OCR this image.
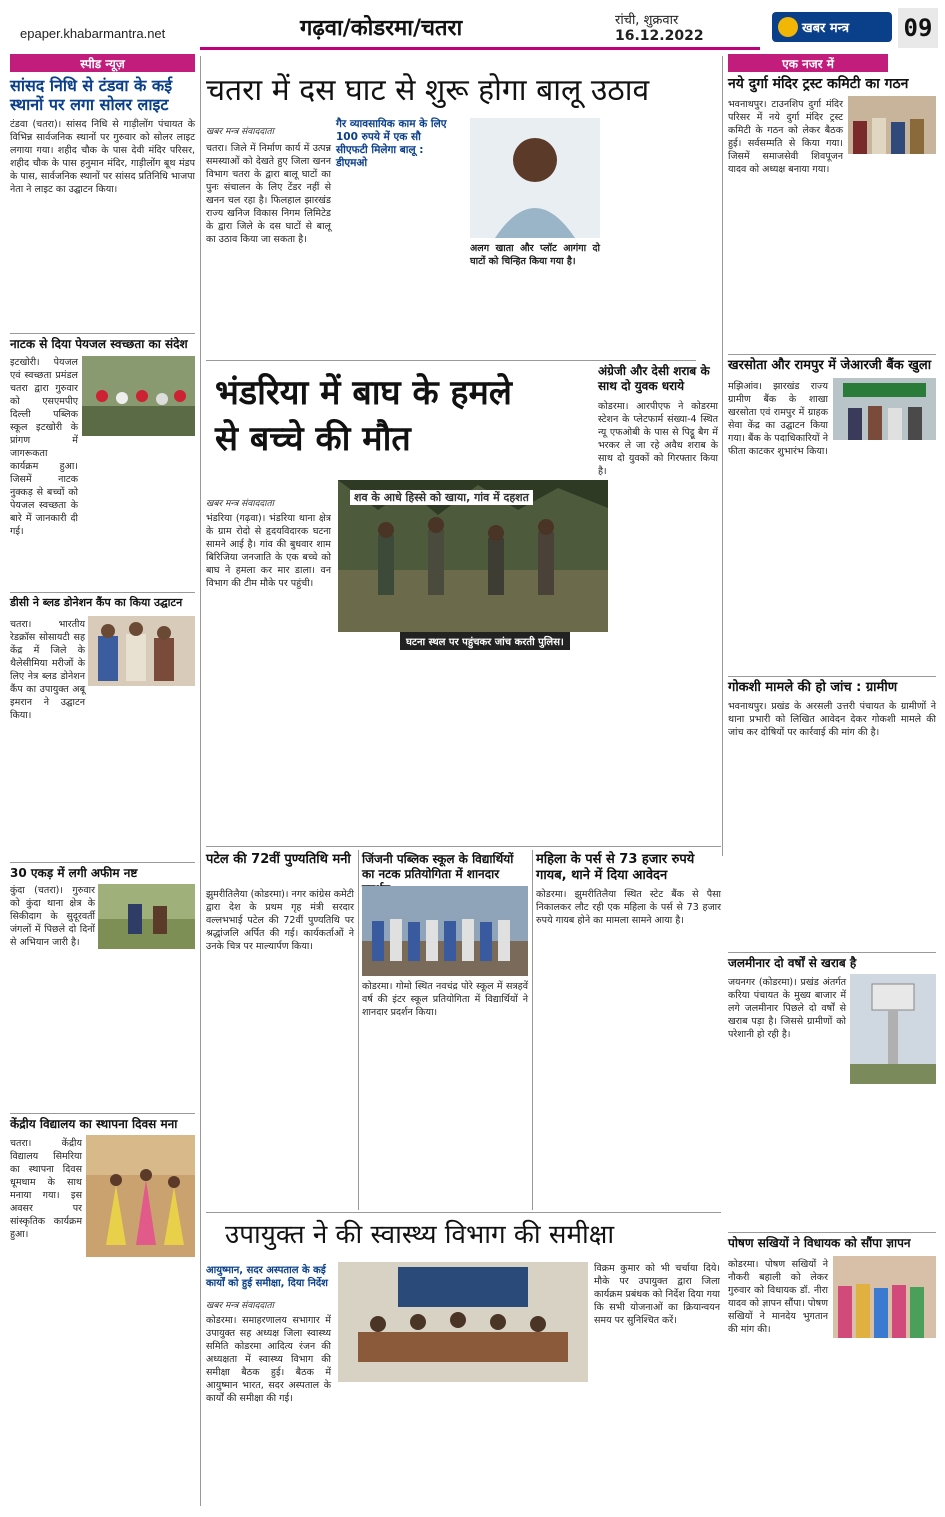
epaper.khabarmantra.net	गढ़वा/कोडरमा/चतरा	रांची, शुक्रवार
16.12.2022	खबर मन्त्र 09
स्पीड न्यूज़
सांसद निधि से टंडवा के कई स्थानों पर लगा सोलर लाइट
टंडवा (चतरा)। सांसद निधि से गाड़ीलोंग पंचायत के विभिन्न सार्वजनिक स्थानों पर गुरुवार को सोलर लाइट लगाया गया। शहीद चौक के पास देवी मंदिर परिसर, शहीद चौक के पास हनुमान मंदिर, गाड़ीलोंग बूथ मंडप के पास, सार्वजनिक स्थानों पर सांसद प्रतिनिधि भाजपा नेता ने लाइट का उद्घाटन किया।
नाटक से दिया पेयजल स्वच्छता का संदेश
इटखोरी। पेयजल एवं स्वच्छता प्रमंडल चतरा द्वारा गुरुवार को एसएमपीए दिल्ली पब्लिक स्कूल इटखोरी के प्रांगण में जागरूकता कार्यक्रम हुआ। जिसमें नाटक नुक्कड़ से बच्चों को पेयजल स्वच्छता के बारे में जानकारी दी गई।
डीसी ने ब्लड डोनेशन कैंप का किया उद्घाटन
चतरा। भारतीय रेडक्रॉस सोसायटी सह केंद्र में जिले के थैलेसीमिया मरीजों के लिए नेत्र ब्लड डोनेशन कैंप का उपायुक्त अबू इमरान ने उद्घाटन किया।
30 एकड़ में लगी अफीम नष्ट
कुंदा (चतरा)। गुरुवार को कुंदा थाना क्षेत्र के सिकीदाग के सुदूरवर्ती जंगलों में पिछले दो दिनों से अभियान जारी है।
केंद्रीय विद्यालय का स्थापना दिवस मना
चतरा। केंद्रीय विद्यालय सिमरिया का स्थापना दिवस धूमधाम के साथ मनाया गया। इस अवसर पर सांस्कृतिक कार्यक्रम हुआ।
चतरा में दस घाट से शुरू होगा बालू उठाव
खबर मन्त्र संवाददाता
चतरा। जिले में निर्माण कार्य में उत्पन्न समस्याओं को देखते हुए जिला खनन विभाग चतरा के द्वारा बालू घाटों का पुनः संचालन के लिए टेंडर नहीं से खनन चल रहा है। फिलहाल झारखंड राज्य खनिज विकास निगम लिमिटेड के द्वारा जिले के दस घाटों से बालू का उठाव किया जा सकता है।
गैर व्यावसायिक काम के लिए 100 रुपये में एक सौ सीएफटी मिलेगा बालू : डीएमओ
अलग खाता और प्लॉट आगंगा दो घाटों को चिन्हित किया गया है।
भंडरिया में बाघ के हमले से बच्चे की मौत
खबर मन्त्र संवाददाता	शव के आधे हिस्से को खाया, गांव में दहशत
घटना स्थल पर पहुंचकर जांच करती पुलिस।
भंडरिया (गढ़वा)। भंडरिया थाना क्षेत्र के ग्राम रोदो से हृदयविदारक घटना सामने आई है। गांव की बुधवार शाम बिरिजिया जनजाति के एक बच्चे को बाघ ने हमला कर मार डाला। वन विभाग की टीम मौके पर पहुंची।
अंग्रेजी और देसी शराब के साथ दो युवक धराये
कोडरमा। आरपीएफ ने कोडरमा स्टेशन के प्लेटफार्म संख्या-4 स्थित न्यू एफओबी के पास से पिट्ठू बैग में भरकर ले जा रहे अवैध शराब के साथ दो युवकों को गिरफ्तार किया है।
एक नजर में
नये दुर्गा मंदिर ट्रस्ट कमिटी का गठन
भवनाथपुर। टाउनशिप दुर्गा मंदिर परिसर में नये दुर्गा मंदिर ट्रस्ट कमिटी के गठन को लेकर बैठक हुई। सर्वसम्मति से किया गया। जिसमें समाजसेवी शिवपूजन यादव को अध्यक्ष बनाया गया।
खरसोता और रामपुर में जेआरजी बैंक खुला
मझिआंव। झारखंड राज्य ग्रामीण बैंक के शाखा खरसोता एवं रामपुर में ग्राहक सेवा केंद्र का उद्घाटन किया गया। बैंक के पदाधिकारियों ने फीता काटकर शुभारंभ किया।
गोकशी मामले की हो जांच : ग्रामीण
भवनाथपुर। प्रखंड के अरसली उत्तरी पंचायत के ग्रामीणों ने थाना प्रभारी को लिखित आवेदन देकर गोकशी मामले की जांच कर दोषियों पर कार्रवाई की मांग की है।
जलमीनार दो वर्षों से खराब है
जयनगर (कोडरमा)। प्रखंड अंतर्गत करिया पंचायत के मुख्य बाजार में लगे जलमीनार पिछले दो वर्षों से खराब पड़ा है। जिससे ग्रामीणों को परेशानी हो रही है।
पोषण सखियों ने विधायक को सौंपा ज्ञापन
कोडरमा। पोषण सखियों ने नौकरी बहाली को लेकर गुरुवार को विधायक डॉ. नीरा यादव को ज्ञापन सौंपा। पोषण सखियों ने मानदेय भुगतान की मांग की।
पटेल की 72वीं पुण्यतिथि मनी
झुमरीतिलैया (कोडरमा)। नगर कांग्रेस कमेटी द्वारा देश के प्रथम गृह मंत्री सरदार वल्लभभाई पटेल की 72वीं पुण्यतिथि पर श्रद्धांजलि अर्पित की गई। कार्यकर्ताओं ने उनके चित्र पर माल्यार्पण किया।
जिंजनी पब्लिक स्कूल के विद्यार्थियों का नटक प्रतियोगिता में शानदार
कोडरमा। गोमो स्थित नवचंद्र पोरे स्कूल में सत्रहवें वर्ष की इंटर स्कूल प्रतियोगिता में विद्यार्थियों ने शानदार प्रदर्शन किया।
महिला के पर्स से 73 हजार रुपये गायब, थाने में दिया आवेदन
कोडरमा। झुमरीतिलैया स्थित स्टेट बैंक से पैसा निकालकर लौट रही एक महिला के पर्स से 73 हजार रुपये गायब होने का मामला सामने आया है।
उपायुक्त ने की स्वास्थ्य विभाग की समीक्षा
आयुष्मान, सदर अस्पताल के कई कार्यों को हुई समीक्षा, दिया निर्देश
खबर मन्त्र संवाददाता
कोडरमा। समाहरणालय सभागार में उपायुक्त सह अध्यक्ष जिला स्वास्थ्य समिति कोडरमा आदित्य रंजन की अध्यक्षता में स्वास्थ्य विभाग की समीक्षा बैठक हुई। बैठक में आयुष्मान भारत, सदर अस्पताल के कार्यों की समीक्षा की गई।
विक्रम कुमार को भी चर्चाया दिये। मौके पर उपायुक्त द्वारा जिला कार्यक्रम प्रबंधक को निर्देश दिया गया कि सभी योजनाओं का क्रियान्वयन समय पर सुनिश्चित करें।
